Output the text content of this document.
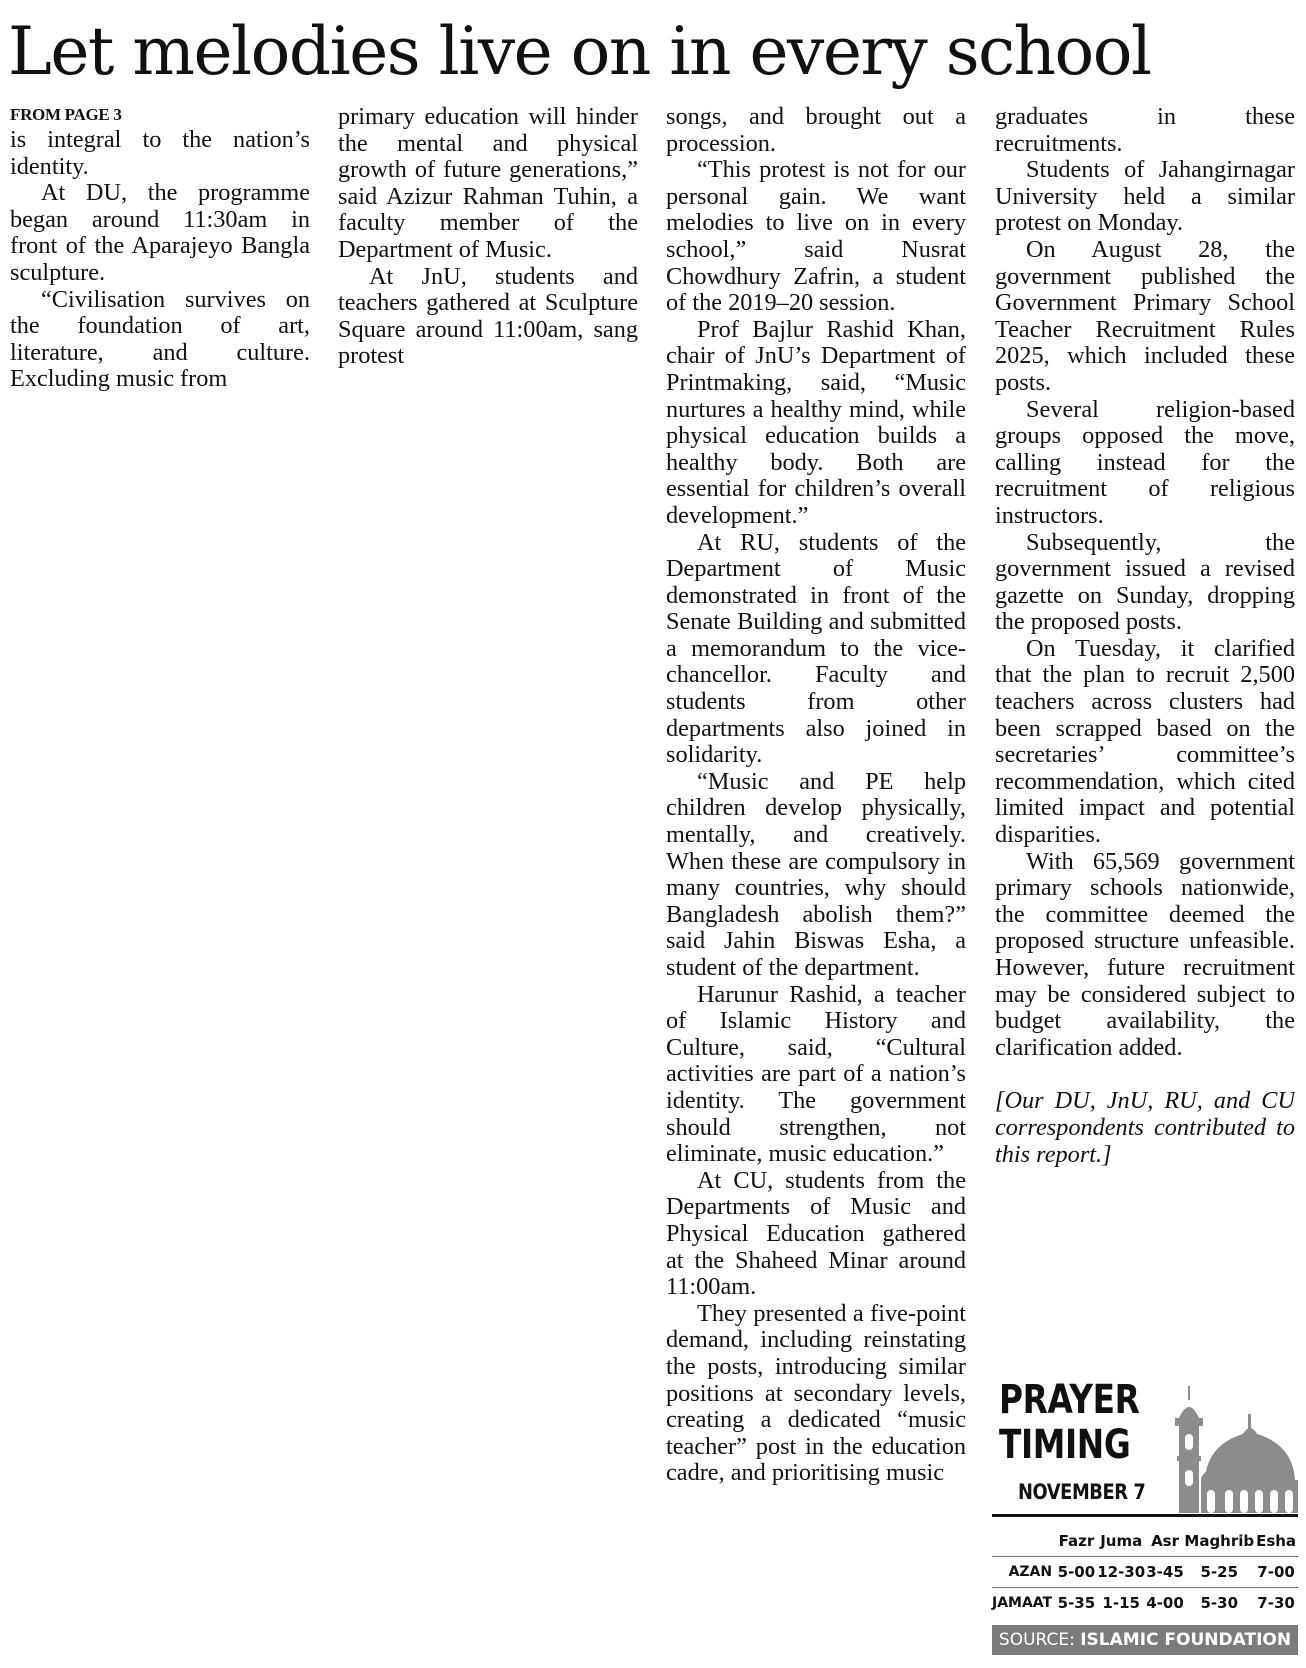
Let melodies live on in every school
FROM PAGE 3

is integral to the nation’s identity.

At DU, the programme began around 11:30am in front of the Aparajeyo Bangla sculpture.

“Civilisation survives on the foundation of art, literature, and culture. Excluding music from

primary education will hinder the mental and physical growth of future generations,” said Azizur Rahman Tuhin, a faculty member of the Department of Music.

At JnU, students and teachers gathered at Sculpture Square around 11:00am, sang protest

songs, and brought out a procession.

“This protest is not for our personal gain. We want melodies to live on in every school,” said Nusrat Chowdhury Zafrin, a student of the 2019–20 session.

Prof Bajlur Rashid Khan, chair of JnU’s Department of Printmaking, said, “Music nurtures a healthy mind, while physical education builds a healthy body. Both are essential for children’s overall development.”

At RU, students of the Department of Music demonstrated in front of the Senate Building and submitted a memorandum to the vice-chancellor. Faculty and students from other departments also joined in solidarity.

“Music and PE help children develop physically, mentally, and creatively. When these are compulsory in many countries, why should Bangladesh abolish them?” said Jahin Biswas Esha, a student of the department.

Harunur Rashid, a teacher of Islamic History and Culture, said, “Cultural activities are part of a nation’s identity. The government should strengthen, not eliminate, music education.”

At CU, students from the Departments of Music and Physical Education gathered at the Shaheed Minar around 11:00am.

They presented a five-point demand, including reinstating the posts, introducing similar positions at secondary levels, creating a dedicated “music teacher” post in the education cadre, and prioritising music

graduates in these recruitments.

Students of Jahangirnagar University held a similar protest on Monday.

On August 28, the government published the Government Primary School Teacher Recruitment Rules 2025, which included these posts.

Several religion-based groups opposed the move, calling instead for the recruitment of religious instructors.

Subsequently, the government issued a revised gazette on Sunday, dropping the proposed posts.

On Tuesday, it clarified that the plan to recruit 2,500 teachers across clusters had been scrapped based on the secretaries’ committee’s recommendation, which cited limited impact and potential disparities.

With 65,569 government primary schools nationwide, the committee deemed the proposed structure unfeasible. However, future recruitment may be considered subject to budget availability, the clarification added.

[Our DU, JnU, RU, and CU correspondents contributed to this report.]

PRAYER
TIMING
NOVEMBER 7
	Fazr	Juma	Asr	Maghrib	Esha
AZAN	5-00	12-30	3-45	5-25	7-00
JAMAAT	5-35	1-15	4-00	5-30	7-30
SOURCE: ISLAMIC FOUNDATION
